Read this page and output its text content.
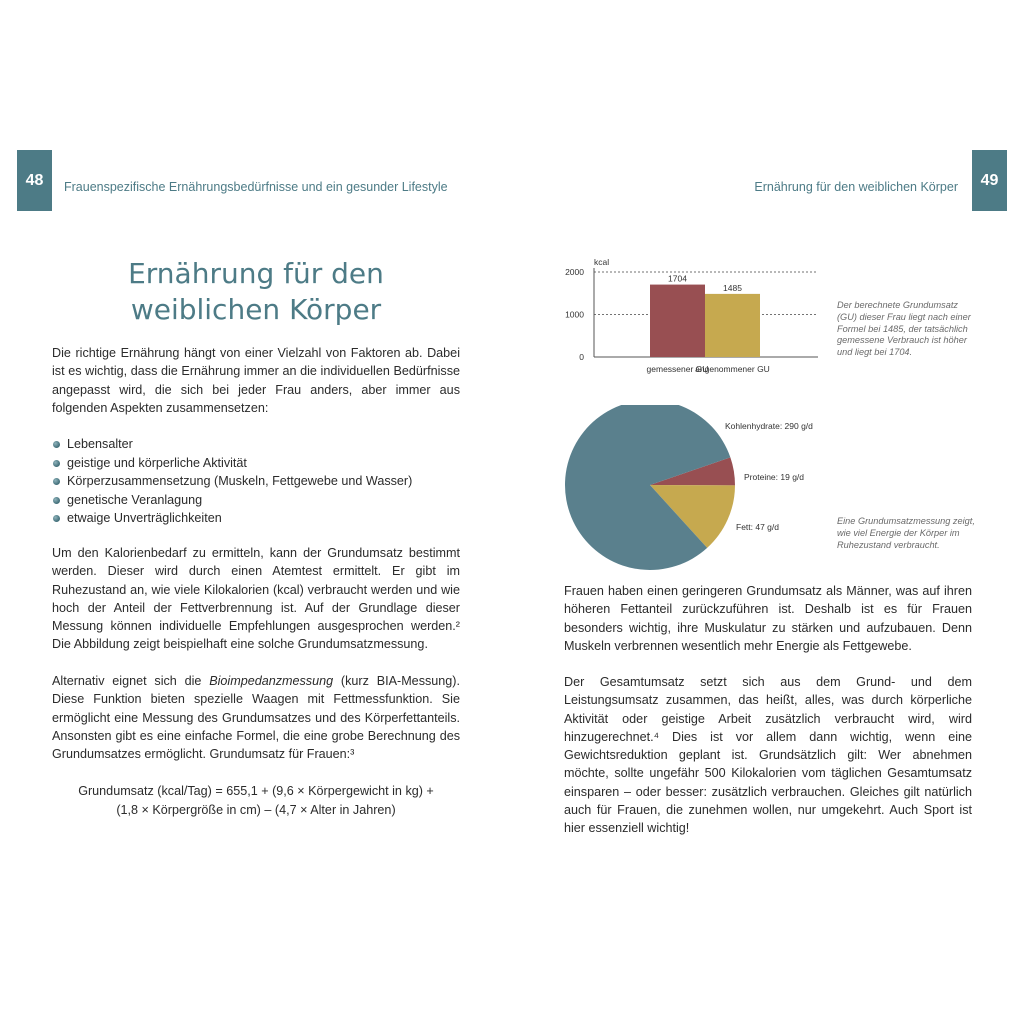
48	Frauenspezifische Ernährungsbedürfnisse und ein gesunder Lifestyle	Ernährung für den weiblichen Körper	49
Ernährung für den
weiblichen Körper

Die richtige Ernährung hängt von einer Vielzahl von Faktoren ab. Dabei ist es wichtig, dass die Ernährung immer an die individuellen Bedürfnisse angepasst wird, die sich bei jeder Frau anders, aber immer aus folgenden Aspekten zusammensetzen:

Lebensalter
geistige und körperliche Aktivität
Körperzusammensetzung (Muskeln, Fettgewebe und Wasser)
genetische Veranlagung
etwaige Unverträglichkeiten

Um den Kalorienbedarf zu ermitteln, kann der Grundumsatz bestimmt werden. Dieser wird durch einen Atemtest ermittelt. Er gibt im Ruhezustand an, wie viele Kilokalorien (kcal) verbraucht werden und wie hoch der Anteil der Fettverbrennung ist. Auf der Grundlage dieser Messung können individuelle Empfehlungen ausgesprochen werden.² Die Abbildung zeigt beispielhaft eine solche Grundumsatzmessung.

Alternativ eignet sich die Bioimpedanzmessung (kurz BIA-Messung). Diese Funktion bieten spezielle Waagen mit Fettmessfunktion. Sie ermöglicht eine Messung des Grundumsatzes und des Körperfettanteils. Ansonsten gibt es eine einfache Formel, die eine grobe Berechnung des Grundumsatzes ermöglicht. Grundumsatz für Frauen:³

Grundumsatz (kcal/Tag) = 655,1 + (9,6 × Körpergewicht in kg) +
(1,8 × Körpergröße in cm) – (4,7 × Alter in Jahren)
kcal
0
1000
2000
1704
gemessener GU
1485
angenommener GU
Der berechnete Grundumsatz (GU) dieser Frau liegt nach einer Formel bei 1485, der tatsächlich gemessene Verbrauch ist höher und liegt bei 1704.
Kohlenhydrate: 290 g/d
Proteine: 19 g/d
Fett: 47 g/d
Eine Grundumsatzmessung zeigt, wie viel Energie der Körper im Ruhezustand verbraucht.

Frauen haben einen geringeren Grundumsatz als Männer, was auf ihren höheren Fettanteil zurückzuführen ist. Deshalb ist es für Frauen besonders wichtig, ihre Muskulatur zu stärken und aufzubauen. Denn Muskeln verbrennen wesentlich mehr Energie als Fettgewebe.

Der Gesamtumsatz setzt sich aus dem Grund- und dem Leistungsumsatz zusammen, das heißt, alles, was durch körperliche Aktivität oder geistige Arbeit zusätzlich verbraucht wird, wird hinzugerechnet.⁴ Dies ist vor allem dann wichtig, wenn eine Gewichtsreduktion geplant ist. Grundsätzlich gilt: Wer abnehmen möchte, sollte ungefähr 500 Kilokalorien vom täglichen Gesamtumsatz einsparen – oder besser: zusätzlich verbrauchen. Gleiches gilt natürlich auch für Frauen, die zunehmen wollen, nur umgekehrt. Auch Sport ist hier essenziell wichtig!
